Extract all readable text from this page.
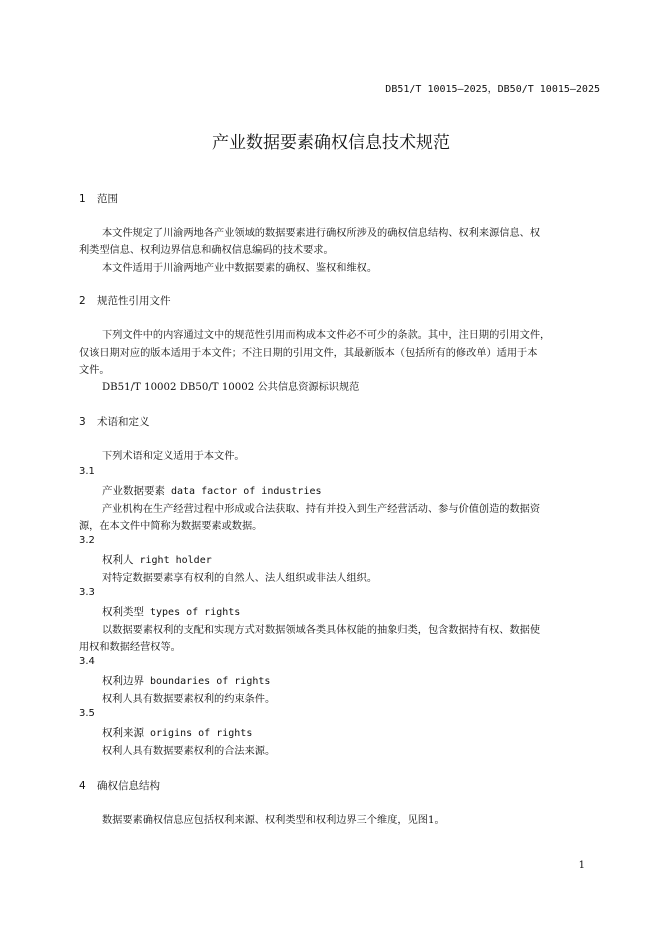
DB51/T 10015—2025，DB50/T 10015—2025
产业数据要素确权信息技术规范
1 范围
本文件规定了川渝两地各产业领域的数据要素进行确权所涉及的确权信息结构、权利来源信息、权
利类型信息、权利边界信息和确权信息编码的技术要求。
本文件适用于川渝两地产业中数据要素的确权、鉴权和维权。
2 规范性引用文件
下列文件中的内容通过文中的规范性引用而构成本文件必不可少的条款。其中，注日期的引用文件，
仅该日期对应的版本适用于本文件；不注日期的引用文件，其最新版本（包括所有的修改单）适用于本
文件。
DB51/T 10002 DB50/T 10002 公共信息资源标识规范
3 术语和定义
下列术语和定义适用于本文件。
3.1
产业数据要素 data factor of industries
产业机构在生产经营过程中形成或合法获取、持有并投入到生产经营活动、参与价值创造的数据资
源，在本文件中简称为数据要素或数据。
3.2
权利人 right holder
对特定数据要素享有权利的自然人、法人组织或非法人组织。
3.3
权利类型 types of rights
以数据要素权利的支配和实现方式对数据领域各类具体权能的抽象归类，包含数据持有权、数据使
用权和数据经营权等。
3.4
权利边界 boundaries of rights
权利人具有数据要素权利的约束条件。
3.5
权利来源 origins of rights
权利人具有数据要素权利的合法来源。
4 确权信息结构
数据要素确权信息应包括权利来源、权利类型和权利边界三个维度，见图1。
1
